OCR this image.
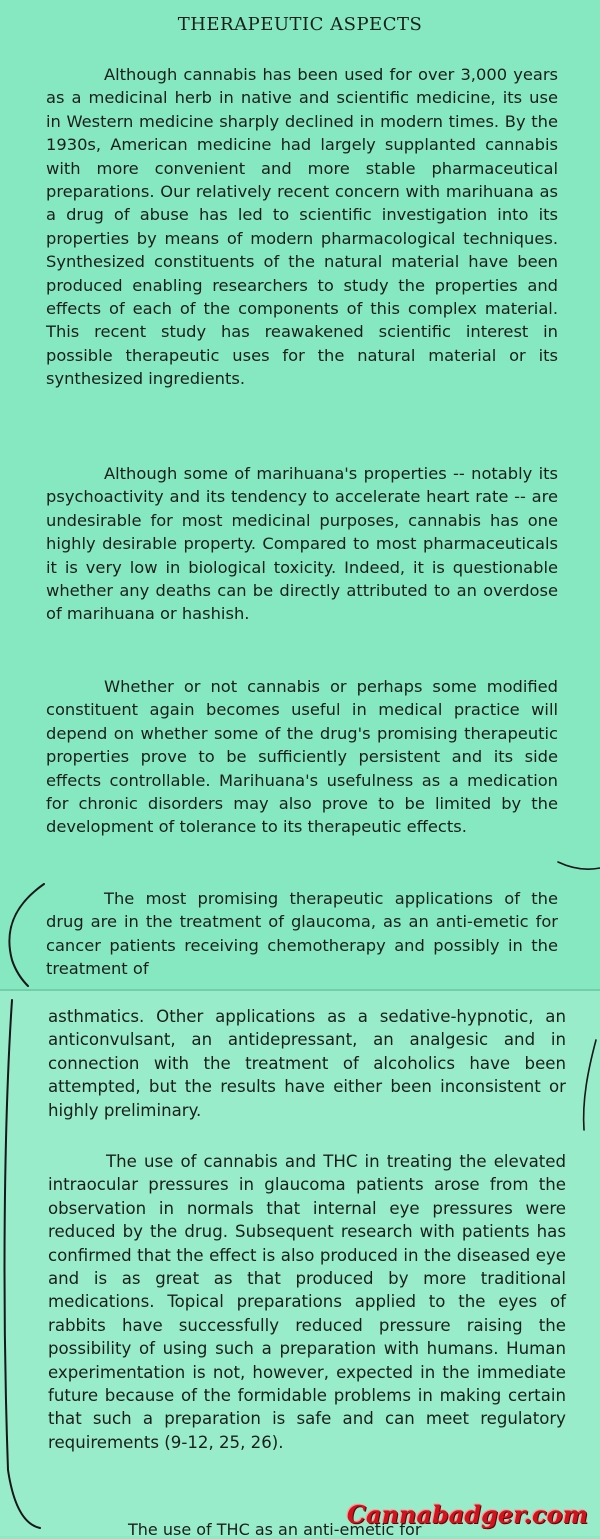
THERAPEUTIC ASPECTS

Although cannabis has been used for over 3,000 years as a medicinal herb in native and scientific medicine, its use in Western medicine sharply declined in modern times. By the 1930s, American medicine had largely supplanted cannabis with more convenient and more stable pharmaceutical preparations. Our relatively recent concern with marihuana as a drug of abuse has led to scientific investigation into its properties by means of modern pharmacological techniques. Synthesized constituents of the natural material have been produced enabling researchers to study the properties and effects of each of the components of this complex material. This recent study has reawakened scientific interest in possible therapeutic uses for the natural material or its synthesized ingredients.

Although some of marihuana's properties -- notably its psychoactivity and its tendency to accelerate heart rate -- are undesirable for most medicinal purposes, cannabis has one highly desirable property. Compared to most pharmaceuticals it is very low in biological toxicity. Indeed, it is questionable whether any deaths can be directly attributed to an overdose of marihuana or hashish.

Whether or not cannabis or perhaps some modified constituent again becomes useful in medical practice will depend on whether some of the drug's promising therapeutic properties prove to be sufficiently persistent and its side effects controllable. Marihuana's usefulness as a medication for chronic disorders may also prove to be limited by the development of tolerance to its therapeutic effects.

The most promising therapeutic applications of the drug are in the treatment of glaucoma, as an anti-emetic for cancer patients receiving chemotherapy and possibly in the treatment of

asthmatics. Other applications as a sedative-hypnotic, an anticonvulsant, an antidepressant, an analgesic and in connection with the treatment of alcoholics have been attempted, but the results have either been inconsistent or highly preliminary.

The use of cannabis and THC in treating the elevated intraocular pressures in glaucoma patients arose from the observation in normals that internal eye pressures were reduced by the drug. Subsequent research with patients has confirmed that the effect is also produced in the diseased eye and is as great as that produced by more traditional medications. Topical preparations applied to the eyes of rabbits have successfully reduced pressure raising the possibility of using such a preparation with humans. Human experimentation is not, however, expected in the immediate future because of the formidable problems in making certain that such a preparation is safe and can meet regulatory requirements (9-12, 25, 26).

The use of THC as an anti-emetic for
Cannabadger.com
